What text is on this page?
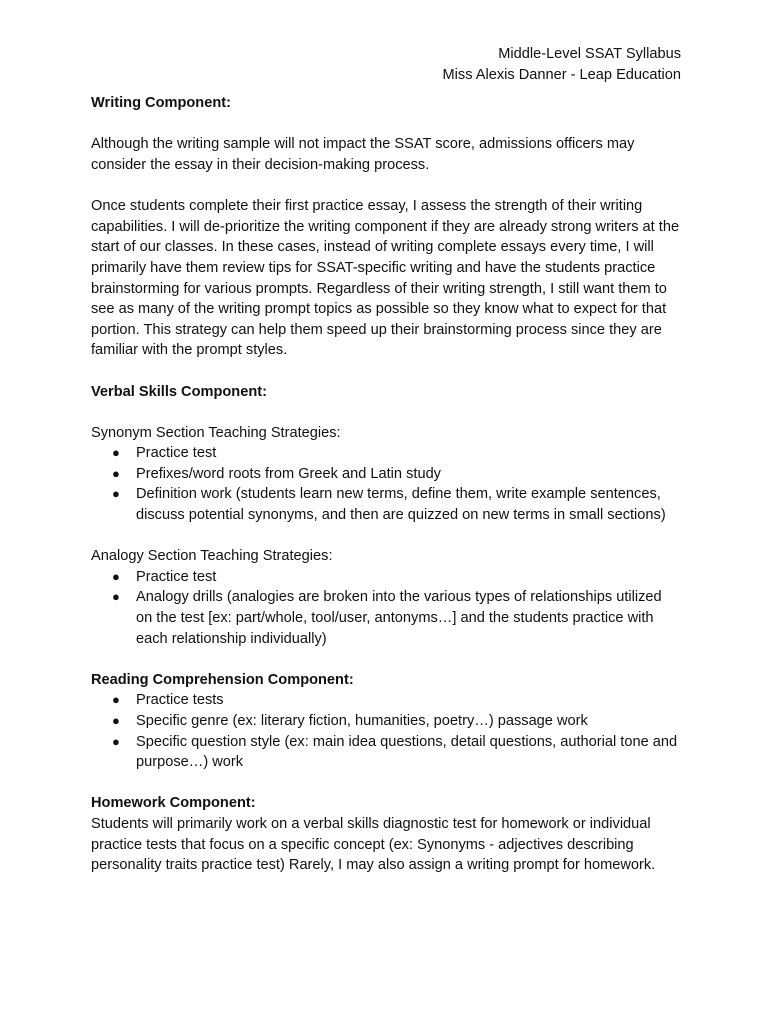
Middle-Level SSAT Syllabus
Miss Alexis Danner - Leap Education

Writing Component:

Although the writing sample will not impact the SSAT score, admissions officers may consider the essay in their decision-making process.

Once students complete their first practice essay, I assess the strength of their writing capabilities. I will de-prioritize the writing component if they are already strong writers at the start of our classes. In these cases, instead of writing complete essays every time, I will primarily have them review tips for SSAT-specific writing and have the students practice brainstorming for various prompts. Regardless of their writing strength, I still want them to see as many of the writing prompt topics as possible so they know what to expect for that portion. This strategy can help them speed up their brainstorming process since they are familiar with the prompt styles.

Verbal Skills Component:

Synonym Section Teaching Strategies:

● Practice test
● Prefixes/word roots from Greek and Latin study
● Definition work (students learn new terms, define them, write example sentences, discuss potential synonyms, and then are quizzed on new terms in small sections)

Analogy Section Teaching Strategies:

● Practice test
● Analogy drills (analogies are broken into the various types of relationships utilized on the test [ex: part/whole, tool/user, antonyms…] and the students practice with each relationship individually)

Reading Comprehension Component:

● Practice tests
● Specific genre (ex: literary fiction, humanities, poetry…) passage work
● Specific question style (ex: main idea questions, detail questions, authorial tone and purpose…) work

Homework Component:

Students will primarily work on a verbal skills diagnostic test for homework or individual practice tests that focus on a specific concept (ex: Synonyms - adjectives describing personality traits practice test) Rarely, I may also assign a writing prompt for homework.
